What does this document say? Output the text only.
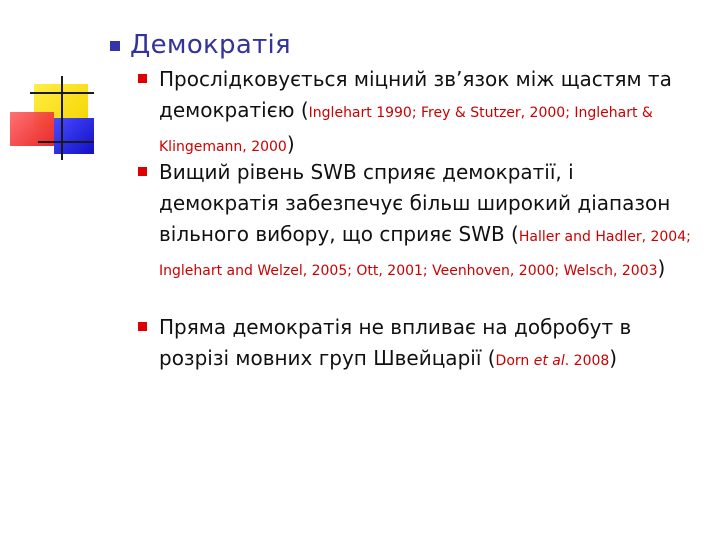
Демократія
Прослідковується міцний зв’язок між щастям та демократією (Inglehart 1990; Frey & Stutzer, 2000; Inglehart & Klingemann, 2000)
Вищий рівень SWB сприяє демократії, і демократія забезпечує більш широкий діапазон вільного вибору, що сприяє SWB (Haller and Hadler, 2004; Inglehart and Welzel, 2005; Ott, 2001; Veenhoven, 2000; Welsch, 2003)
Пряма демократія не впливає на добробут в розрізі мовних груп Швейцарії (Dorn et al. 2008)
